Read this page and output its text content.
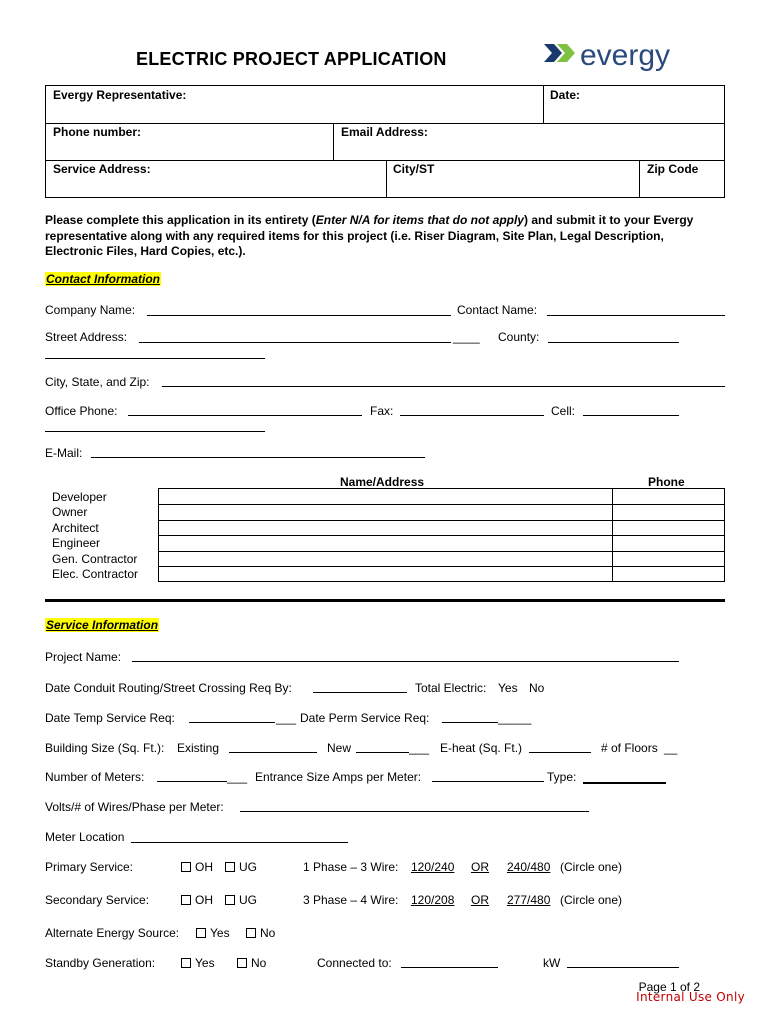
ELECTRIC PROJECT APPLICATION	evergy
Evergy Representative:	Date:
Phone number:	Email Address:
Service Address:	City/ST	Zip Code
Please complete this application in its entirety (Enter N/A for items that do not apply) and submit it to your Evergy representative along with any required items for this project (i.e. Riser Diagram, Site Plan, Legal Description, Electronic Files, Hard Copies, etc.).
Contact Information
Company Name:	Contact Name:
Street Address:	____ County:
City, State, and Zip:
Office Phone:	Fax:	Cell:
E-Mail:
Name/Address	Phone
Developer
Owner
Architect
Engineer
Gen. Contractor
Elec. Contractor
Service Information
Project Name:
Date Conduit Routing/Street Crossing Req By:	Total Electric: Yes No
Date Temp Service Req:	___ Date Perm Service Req:	_____
Building Size (Sq. Ft.): Existing	New	___ E-heat (Sq. Ft.)	# of Floors __
Number of Meters:	___ Entrance Size Amps per Meter:	Type:
Volts/# of Wires/Phase per Meter:
Meter Location
Primary Service:	OH	UG	1 Phase – 3 Wire: 120/240	OR	240/480 (Circle one)
Secondary Service:	OH	UG	3 Phase – 4 Wire: 120/208	OR	277/480 (Circle one)
Alternate Energy Source:	Yes	No
Standby Generation:	Yes	No	Connected to:	kW
Page 1 of 2
Internal Use Only
